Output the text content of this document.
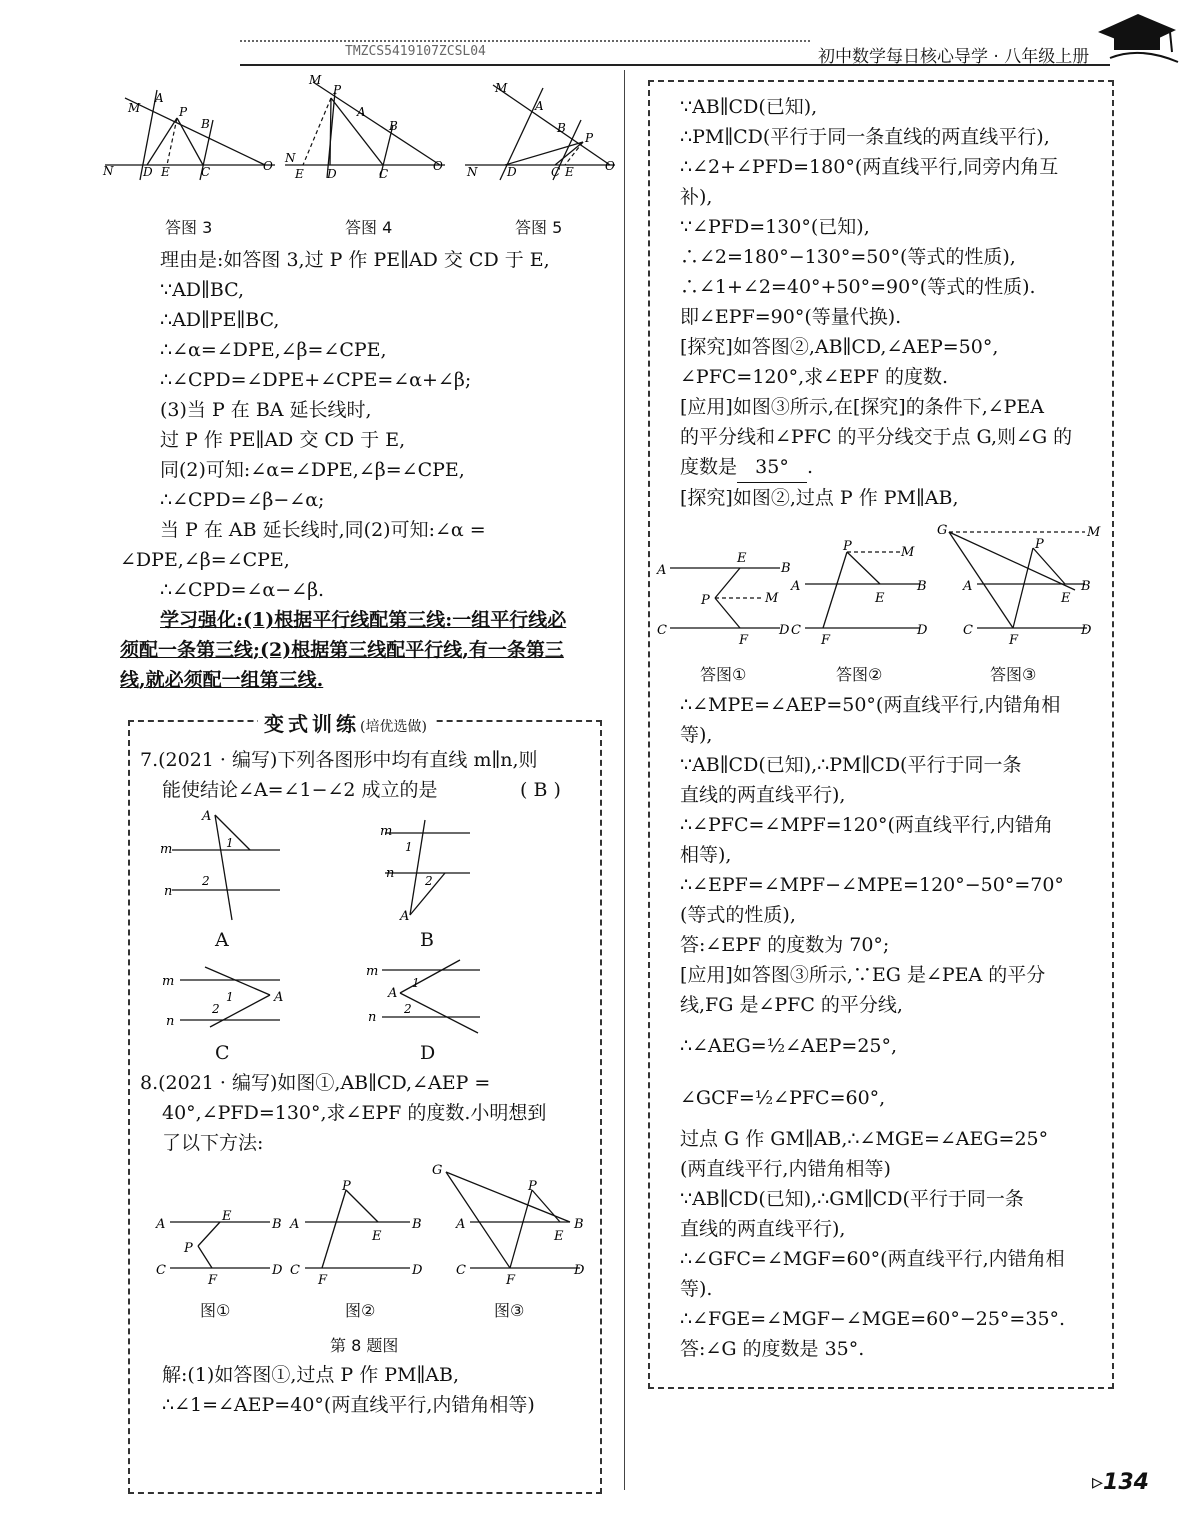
TMZCS5419107ZCSL04	初中数学每日核心导学 · 八年级上册
M
A
P
B
N D E	C	O
M
P
A
B
N
E D	C
O
M
A
B
P
N D	C E	O
答图 3	答图 4	答图 5
理由是:如答图 3,过 P 作 PE∥AD 交 CD 于 E,
∵AD∥BC,
∴AD∥PE∥BC,
∴∠α=∠DPE,∠β=∠CPE,
∴∠CPD=∠DPE+∠CPE=∠α+∠β;
(3)当 P 在 BA 延长线时,
过 P 作 PE∥AD 交 CD 于 E,
同(2)可知:∠α=∠DPE,∠β=∠CPE,
∴∠CPD=∠β−∠α;
当 P 在 AB 延长线时,同(2)可知:∠α =
∠DPE,∠β=∠CPE,
∴∠CPD=∠α−∠β.
学习强化:(1)根据平行线配第三线:一组平行线必
须配一条第三线;(2)根据第三线配平行线,有一条第三
线,就必须配一组第三线.
变式训练(培优选做)
7.(2021 · 编写)下列各图形中均有直线 m∥n,则
能使结论∠A=∠1−∠2 成立的是	( B )
A
m
n
1
2
m
n
1
2
A
m
n
1
2
A
m
n
A
1
2
A	B
C	D
8.(2021 · 编写)如图①,AB∥CD,∠AEP =
40°,∠PFD=130°,求∠EPF 的度数.小明想到
了以下方法:
A
E
B
P
C
F
D
A
P
B
E
C
F
D
G
P
A	B
E
C
F
D
图①	图②	图③
第 8 题图
解:(1)如答图①,过点 P 作 PM∥AB,
∴∠1=∠AEP=40°(两直线平行,内错角相等)
∵AB∥CD(已知),
∴PM∥CD(平行于同一条直线的两直线平行),
∴∠2+∠PFD=180°(两直线平行,同旁内角互
补),
∵∠PFD=130°(已知),
∴∠2=180°−130°=50°(等式的性质),
∴∠1+∠2=40°+50°=90°(等式的性质).
即∠EPF=90°(等量代换).
[探究]如答图②,AB∥CD,∠AEP=50°,
∠PFC=120°,求∠EPF 的度数.
[应用]如图③所示,在[探究]的条件下,∠PEA
的平分线和∠PFC 的平分线交于点 G,则∠G 的
度数是 35° .
[探究]如图②,过点 P 作 PM∥AB,
A
E
B
P	M
C
F
D
A
P	M
B
E
C
F
D
G	M
P
A	B
E
C
F
D
答图①	答图②	答图③
∴∠MPE=∠AEP=50°(两直线平行,内错角相
等),
∵AB∥CD(已知),∴PM∥CD(平行于同一条
直线的两直线平行),
∴∠PFC=∠MPF=120°(两直线平行,内错角
相等),
∴∠EPF=∠MPF−∠MPE=120°−50°=70°
(等式的性质),
答:∠EPF 的度数为 70°;
[应用]如答图③所示,∵EG 是∠PEA 的平分
线,FG 是∠PFC 的平分线,
∴∠AEG=½∠AEP=25°,
∠GCF=½∠PFC=60°,
过点 G 作 GM∥AB,∴∠MGE=∠AEG=25°
(两直线平行,内错角相等)
∵AB∥CD(已知),∴GM∥CD(平行于同一条
直线的两直线平行),
∴∠GFC=∠MGF=60°(两直线平行,内错角相
等).
∴∠FGE=∠MGF−∠MGE=60°−25°=35°.
答:∠G 的度数是 35°.
▹134
